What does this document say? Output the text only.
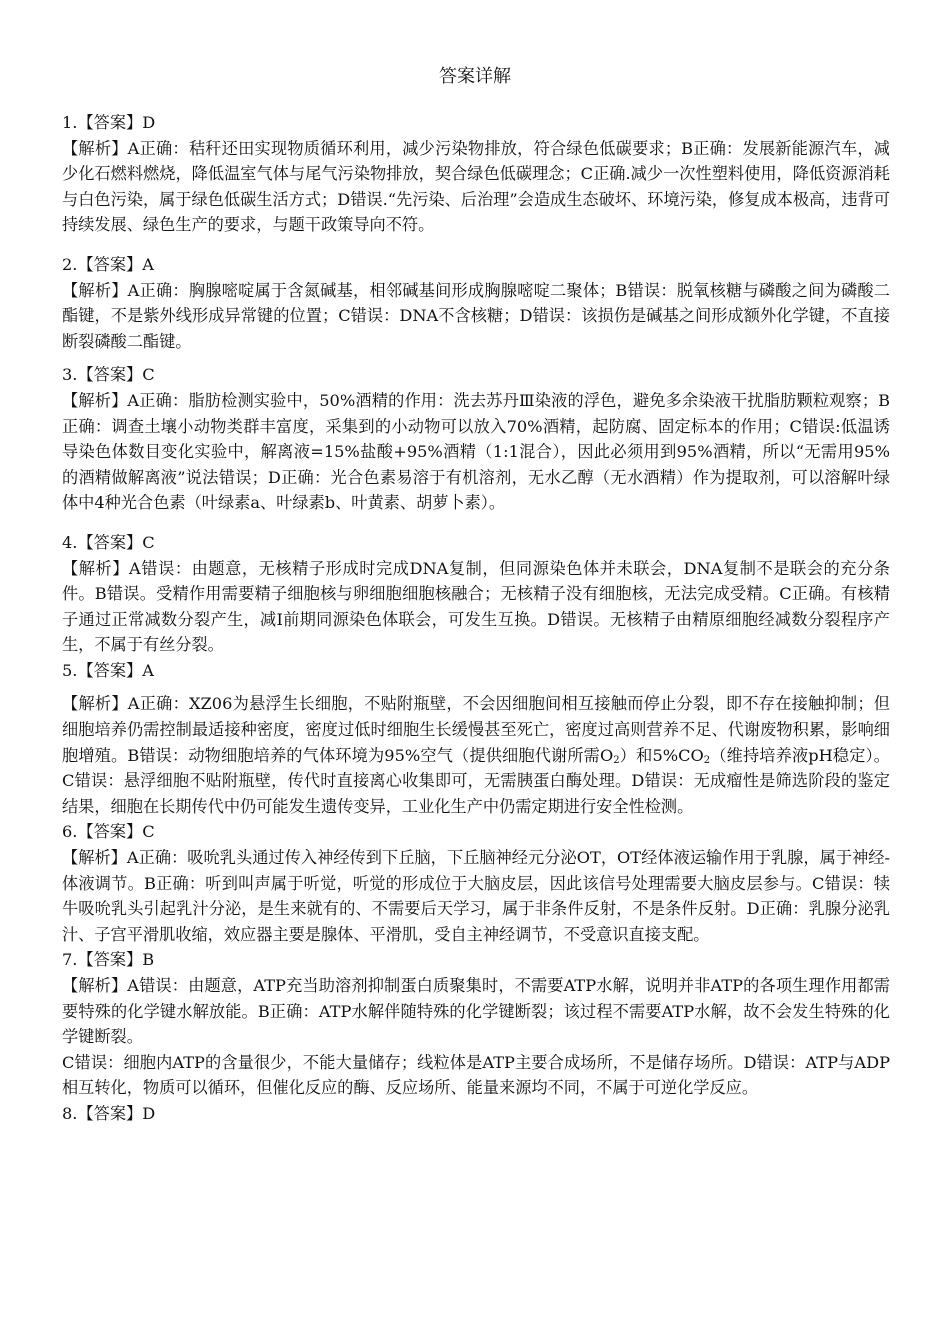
答案详解

1.【答案】D

【解析】A正确：秸秆还田实现物质循环利用，减少污染物排放，符合绿色低碳要求；B正确：发展新能源汽车，减少化石燃料燃烧，降低温室气体与尾气污染物排放，契合绿色低碳理念；C正确.减少一次性塑料使用，降低资源消耗与白色污染，属于绿色低碳生活方式；D错误.“先污染、后治理”会造成生态破坏、环境污染，修复成本极高，违背可持续发展、绿色生产的要求，与题干政策导向不符。

2.【答案】A

【解析】A正确：胸腺嘧啶属于含氮碱基，相邻碱基间形成胸腺嘧啶二聚体；B错误：脱氧核糖与磷酸之间为磷酸二酯键，不是紫外线形成异常键的位置；C错误：DNA不含核糖；D错误：该损伤是碱基之间形成额外化学键，不直接断裂磷酸二酯键。

3.【答案】C

【解析】A正确：脂肪检测实验中，50%酒精的作用：洗去苏丹Ⅲ染液的浮色，避免多余染液干扰脂肪颗粒观察；B正确：调查土壤小动物类群丰富度，采集到的小动物可以放入70%酒精，起防腐、固定标本的作用；C错误:低温诱导染色体数目变化实验中，解离液=15%盐酸+95%酒精（1:1混合），因此必须用到95%酒精，所以“无需用95%的酒精做解离液”说法错误；D正确：光合色素易溶于有机溶剂，无水乙醇（无水酒精）作为提取剂，可以溶解叶绿体中4种光合色素（叶绿素a、叶绿素b、叶黄素、胡萝卜素）。

4.【答案】C

【解析】A错误：由题意，无核精子形成时完成DNA复制，但同源染色体并未联会，DNA复制不是联会的充分条件。B错误。受精作用需要精子细胞核与卵细胞细胞核融合；无核精子没有细胞核，无法完成受精。C正确。有核精子通过正常减数分裂产生，减Ⅰ前期同源染色体联会，可发生互换。D错误。无核精子由精原细胞经减数分裂程序产生，不属于有丝分裂。

5.【答案】A

【解析】A正确：XZ06为悬浮生长细胞，不贴附瓶壁，不会因细胞间相互接触而停止分裂，即不存在接触抑制；但细胞培养仍需控制最适接种密度，密度过低时细胞生长缓慢甚至死亡，密度过高则营养不足、代谢废物积累，影响细胞增殖。B错误：动物细胞培养的气体环境为95%空气（提供细胞代谢所需$O_2$）和$5\%CO_2$（维持培养液pH稳定）。C错误：悬浮细胞不贴附瓶壁，传代时直接离心收集即可，无需胰蛋白酶处理。D错误：无成瘤性是筛选阶段的鉴定结果，细胞在长期传代中仍可能发生遗传变异，工业化生产中仍需定期进行安全性检测。

6.【答案】C

【解析】A正确：吸吮乳头通过传入神经传到下丘脑，下丘脑神经元分泌OT，OT经体液运输作用于乳腺，属于神经- 体液调节。B正确：听到叫声属于听觉，听觉的形成位于大脑皮层，因此该信号处理需要大脑皮层参与。C错误：犊牛吸吮乳头引起乳汁分泌，是生来就有的、不需要后天学习，属于非条件反射，不是条件反射。D正确：乳腺分泌乳汁、子宫平滑肌收缩，效应器主要是腺体、平滑肌，受自主神经调节，不受意识直接支配。

7.【答案】B

【解析】A错误：由题意，ATP充当助溶剂抑制蛋白质聚集时，不需要ATP水解，说明并非ATP的各项生理作用都需要特殊的化学键水解放能。B正确：ATP水解伴随特殊的化学键断裂；该过程不需要ATP水解，故不会发生特殊的化学键断裂。

C错误：细胞内ATP的含量很少，不能大量储存；线粒体是ATP主要合成场所，不是储存场所。D错误：ATP与ADP相互转化，物质可以循环，但催化反应的酶、反应场所、能量来源均不同，不属于可逆化学反应。

8.【答案】D
